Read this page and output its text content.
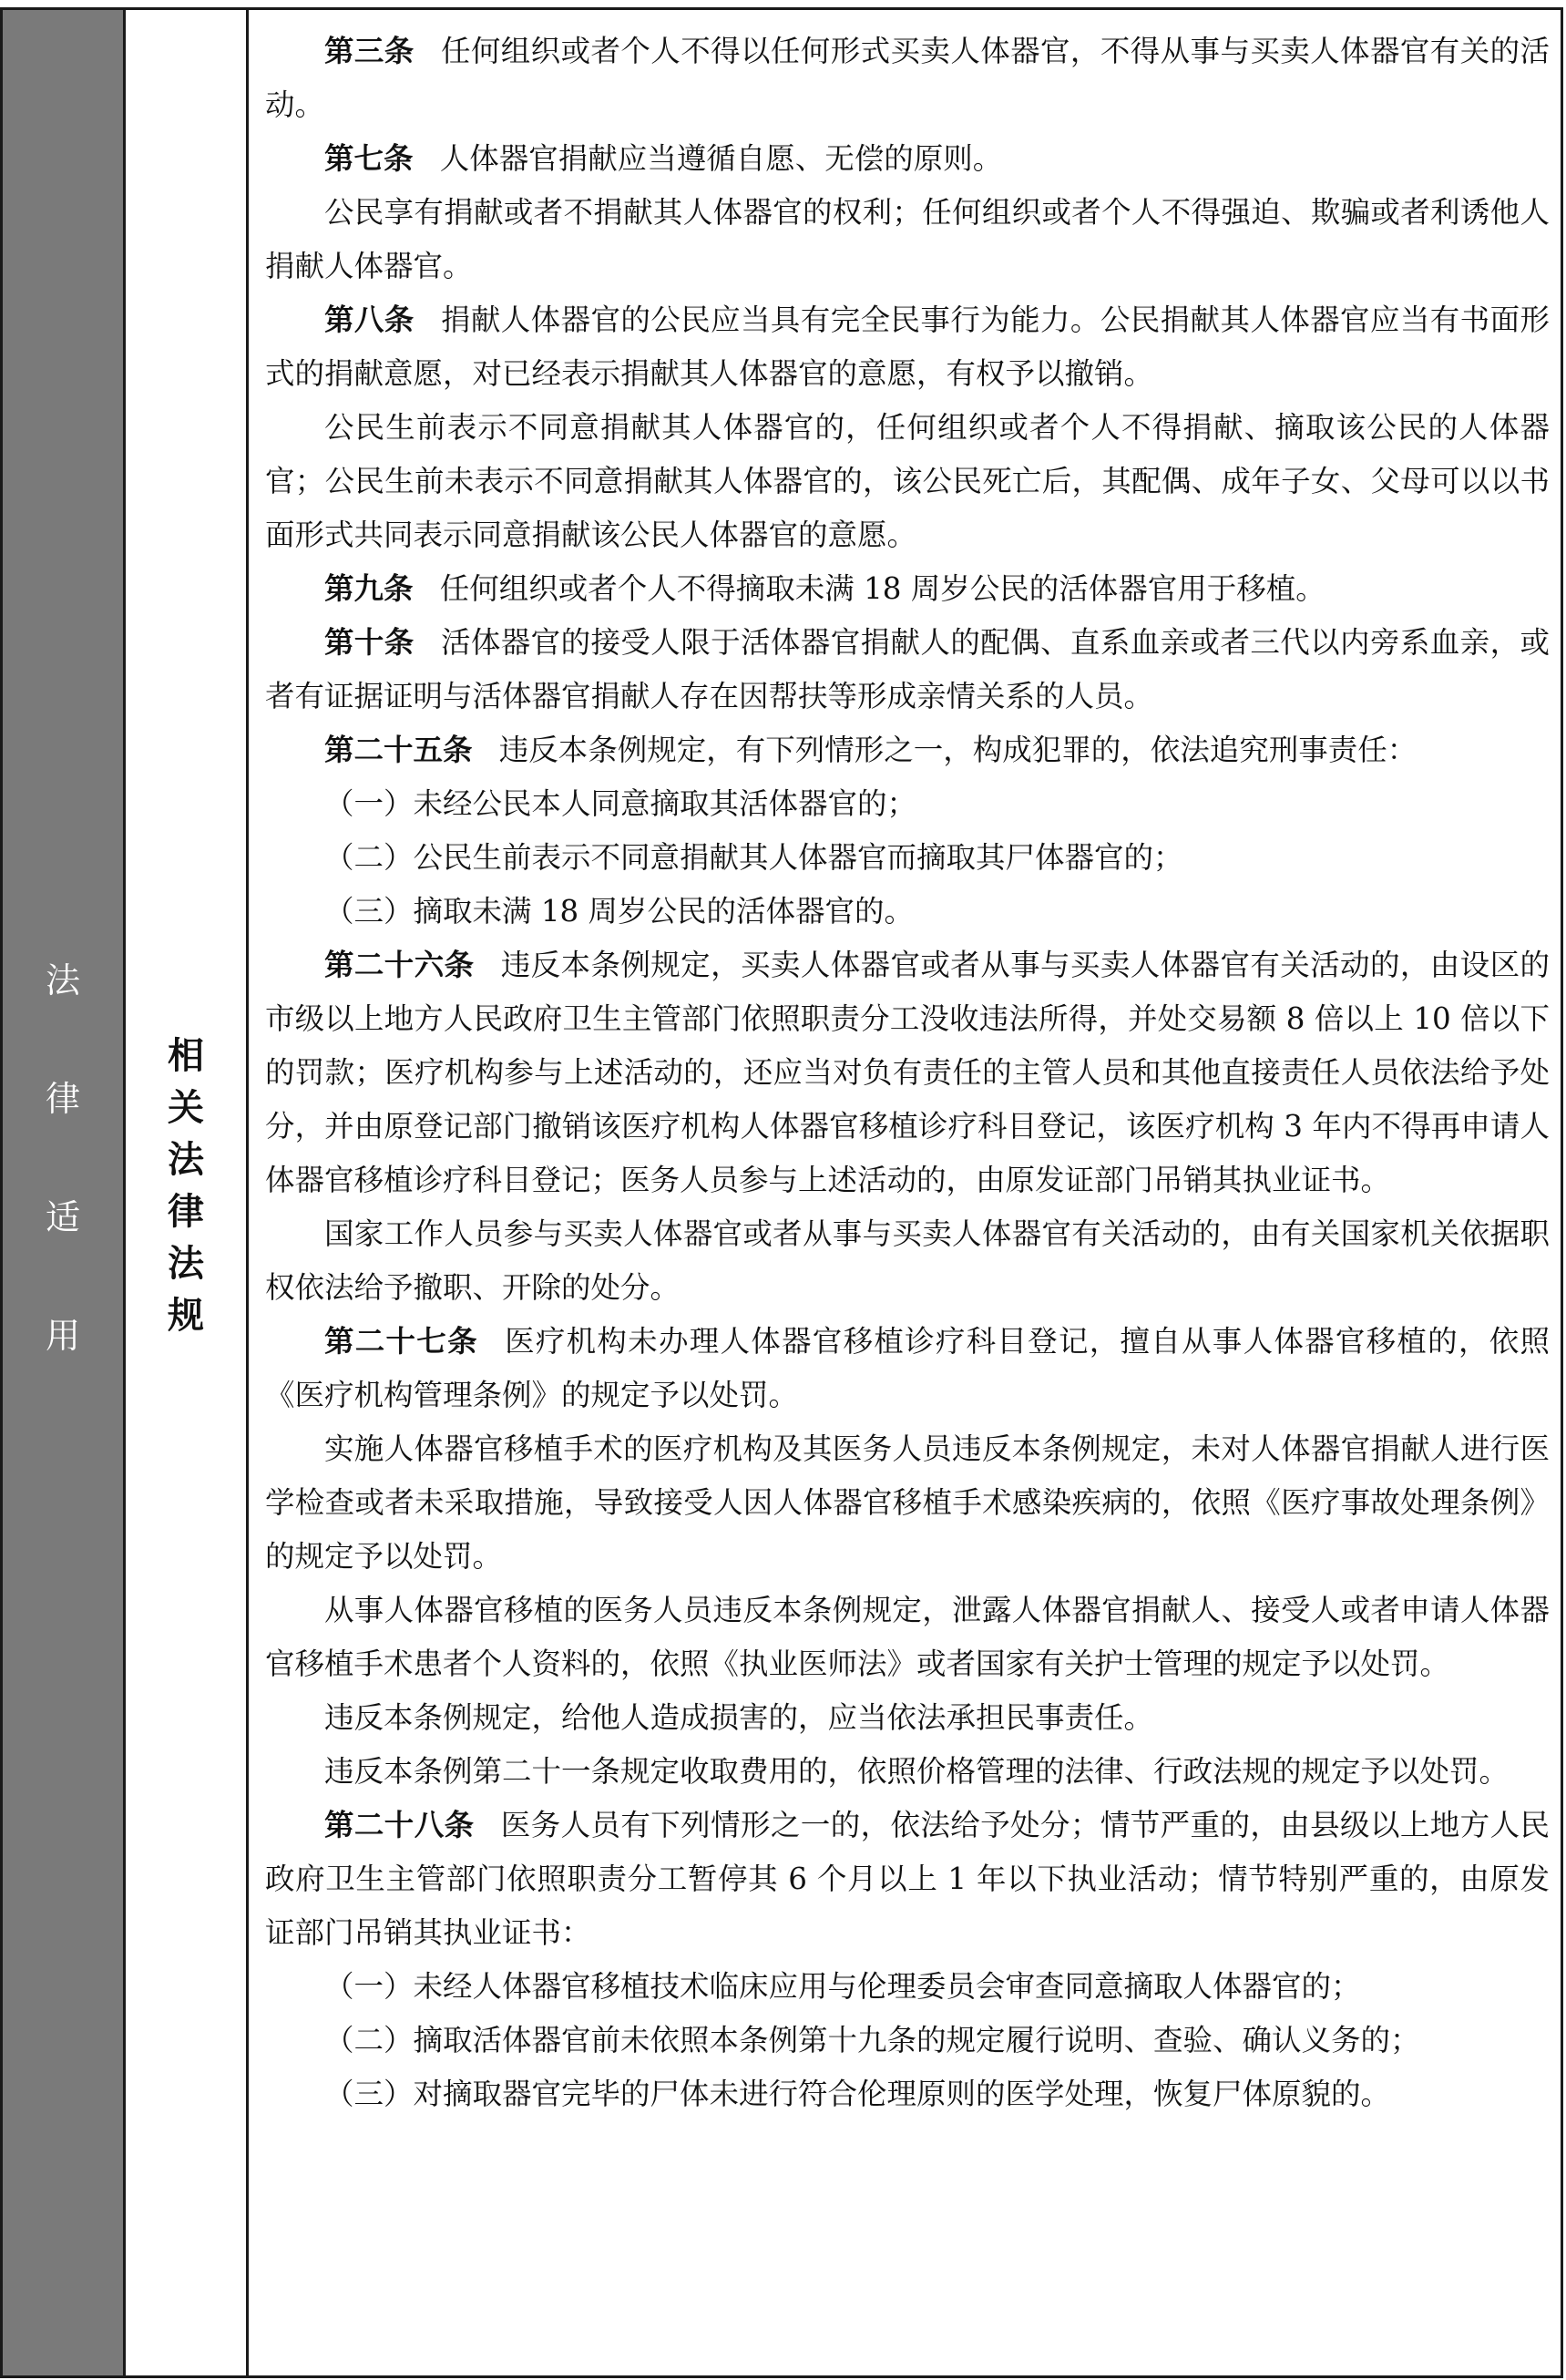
法
律
适
用
相
关
法
律
法
规

第三条 任何组织或者个人不得以任何形式买卖人体器官，不得从事与买卖人体器官有关的活动。

第七条 人体器官捐献应当遵循自愿、无偿的原则。

公民享有捐献或者不捐献其人体器官的权利；任何组织或者个人不得强迫、欺骗或者利诱他人捐献人体器官。

第八条 捐献人体器官的公民应当具有完全民事行为能力。公民捐献其人体器官应当有书面形式的捐献意愿，对已经表示捐献其人体器官的意愿，有权予以撤销。

公民生前表示不同意捐献其人体器官的，任何组织或者个人不得捐献、摘取该公民的人体器官；公民生前未表示不同意捐献其人体器官的，该公民死亡后，其配偶、成年子女、父母可以以书面形式共同表示同意捐献该公民人体器官的意愿。

第九条 任何组织或者个人不得摘取未满 18 周岁公民的活体器官用于移植。

第十条 活体器官的接受人限于活体器官捐献人的配偶、直系血亲或者三代以内旁系血亲，或者有证据证明与活体器官捐献人存在因帮扶等形成亲情关系的人员。

第二十五条 违反本条例规定，有下列情形之一，构成犯罪的，依法追究刑事责任：

（一）未经公民本人同意摘取其活体器官的；

（二）公民生前表示不同意捐献其人体器官而摘取其尸体器官的；

（三）摘取未满 18 周岁公民的活体器官的。

第二十六条 违反本条例规定，买卖人体器官或者从事与买卖人体器官有关活动的，由设区的市级以上地方人民政府卫生主管部门依照职责分工没收违法所得，并处交易额 8 倍以上 10 倍以下的罚款；医疗机构参与上述活动的，还应当对负有责任的主管人员和其他直接责任人员依法给予处分，并由原登记部门撤销该医疗机构人体器官移植诊疗科目登记，该医疗机构 3 年内不得再申请人体器官移植诊疗科目登记；医务人员参与上述活动的，由原发证部门吊销其执业证书。

国家工作人员参与买卖人体器官或者从事与买卖人体器官有关活动的，由有关国家机关依据职权依法给予撤职、开除的处分。

第二十七条 医疗机构未办理人体器官移植诊疗科目登记，擅自从事人体器官移植的，依照《医疗机构管理条例》的规定予以处罚。

实施人体器官移植手术的医疗机构及其医务人员违反本条例规定，未对人体器官捐献人进行医学检查或者未采取措施，导致接受人因人体器官移植手术感染疾病的，依照《医疗事故处理条例》的规定予以处罚。

从事人体器官移植的医务人员违反本条例规定，泄露人体器官捐献人、接受人或者申请人体器官移植手术患者个人资料的，依照《执业医师法》或者国家有关护士管理的规定予以处罚。

违反本条例规定，给他人造成损害的，应当依法承担民事责任。

违反本条例第二十一条规定收取费用的，依照价格管理的法律、行政法规的规定予以处罚。

第二十八条 医务人员有下列情形之一的，依法给予处分；情节严重的，由县级以上地方人民政府卫生主管部门依照职责分工暂停其 6 个月以上 1 年以下执业活动；情节特别严重的，由原发证部门吊销其执业证书：

（一）未经人体器官移植技术临床应用与伦理委员会审查同意摘取人体器官的；

（二）摘取活体器官前未依照本条例第十九条的规定履行说明、查验、确认义务的；

（三）对摘取器官完毕的尸体未进行符合伦理原则的医学处理，恢复尸体原貌的。
